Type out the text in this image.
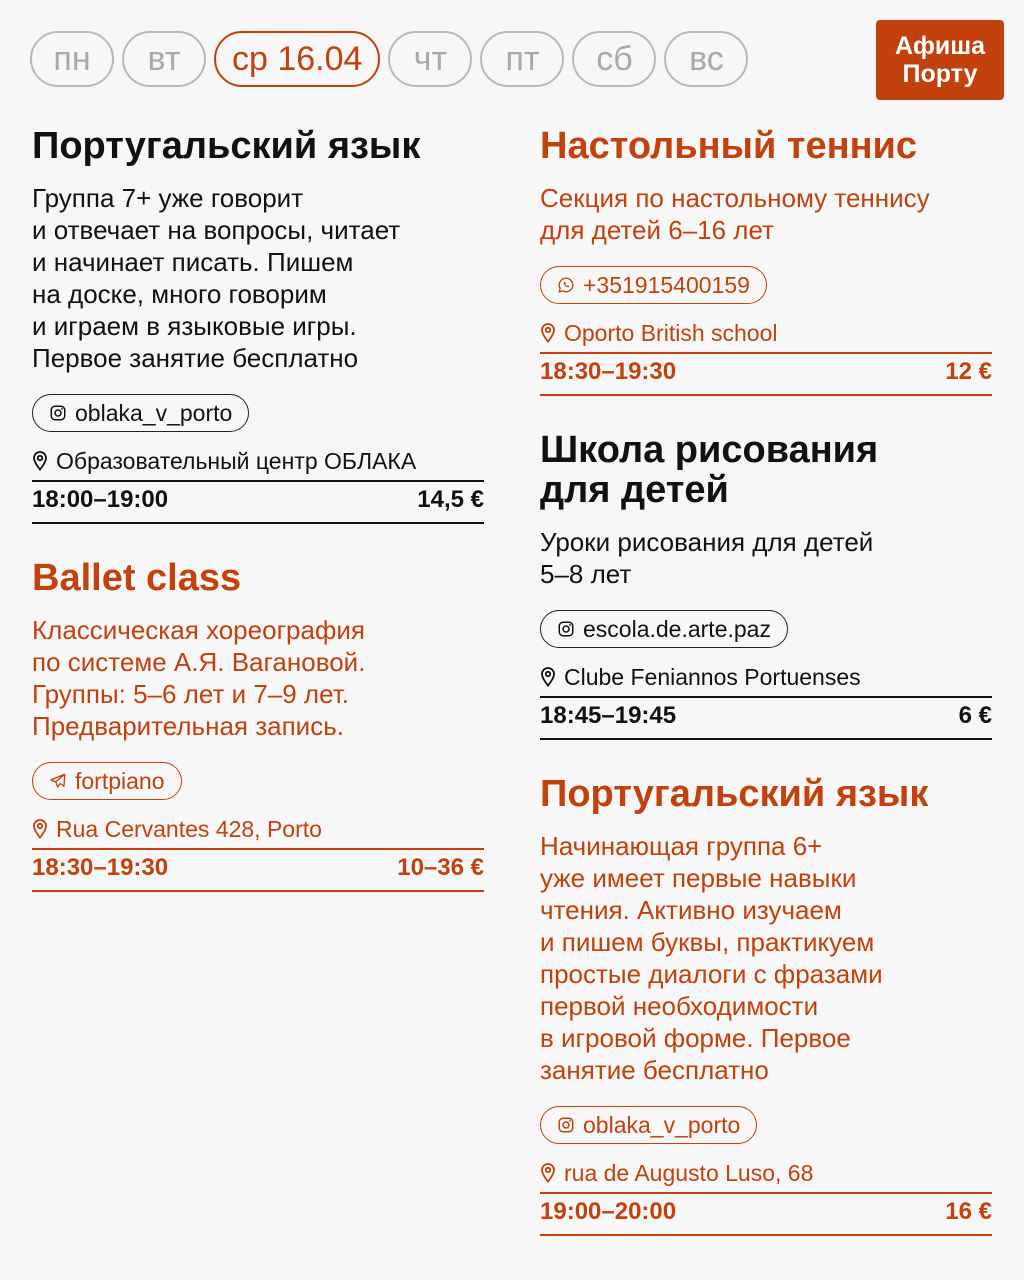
пн	вт	ср 16.04	чт	пт	сб	вс	Афиша
Порту
Португальский язык
Группа 7+ уже говорит
и отвечает на вопросы, читает
и начинает писать. Пишем
на доске, много говорим
и играем в языковые игры.
Первое занятие бесплатно
oblaka_v_porto
Образовательный центр ОБЛАКА
18:00–19:00	14,5 €
Ballet class
Классическая хореография
по системе А.Я. Вагановой.
Группы: 5–6 лет и 7–9 лет.
Предварительная запись.
fortpiano
Rua Cervantes 428, Porto
18:30–19:30	10–36 €
Настольный теннис
Секция по настольному теннису
для детей 6–16 лет
+351915400159
Oporto British school
18:30–19:30	12 €
Школа рисования
для детей
Уроки рисования для детей
5–8 лет
escola.de.arte.paz
Clube Feniannos Portuenses
18:45–19:45	6 €
Португальский язык
Начинающая группа 6+
уже имеет первые навыки
чтения. Активно изучаем
и пишем буквы, практикуем
простые диалоги с фразами
первой необходимости
в игровой форме. Первое
занятие бесплатно
oblaka_v_porto
rua de Augusto Luso, 68
19:00–20:00	16 €
